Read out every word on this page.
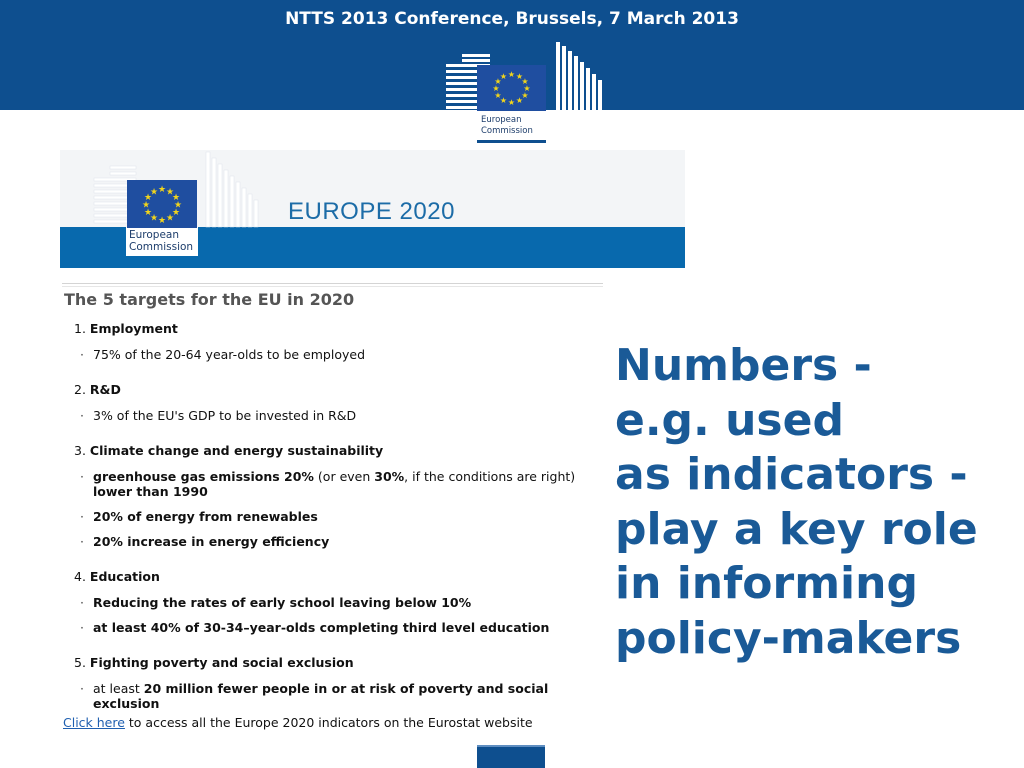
NTTS 2013 Conference, Brussels, 7 March 2013
★ ★
★
★
★
★
★
★
★
★
★
★
European
Commission
★ ★
★
★
★
★
★
★
★
★
★
★
European
Commission
EUROPE 2020
The 5 targets for the EU in 2020
1. Employment
· 75% of the 20-64 year-olds to be employed
2. R&D
· 3% of the EU's GDP to be invested in R&D
3. Climate change and energy sustainability
· greenhouse gas emissions 20% (or even 30%, if the conditions are right)
lower than 1990
· 20% of energy from renewables
· 20% increase in energy efficiency
4. Education
· Reducing the rates of early school leaving below 10%
· at least 40% of 30-34–year-olds completing third level education
5. Fighting poverty and social exclusion
· at least 20 million fewer people in or at risk of poverty and social exclusion
Click here to access all the Europe 2020 indicators on the Eurostat website
Numbers -
e.g. used
as indicators -
play a key role
in informing
policy-makers
